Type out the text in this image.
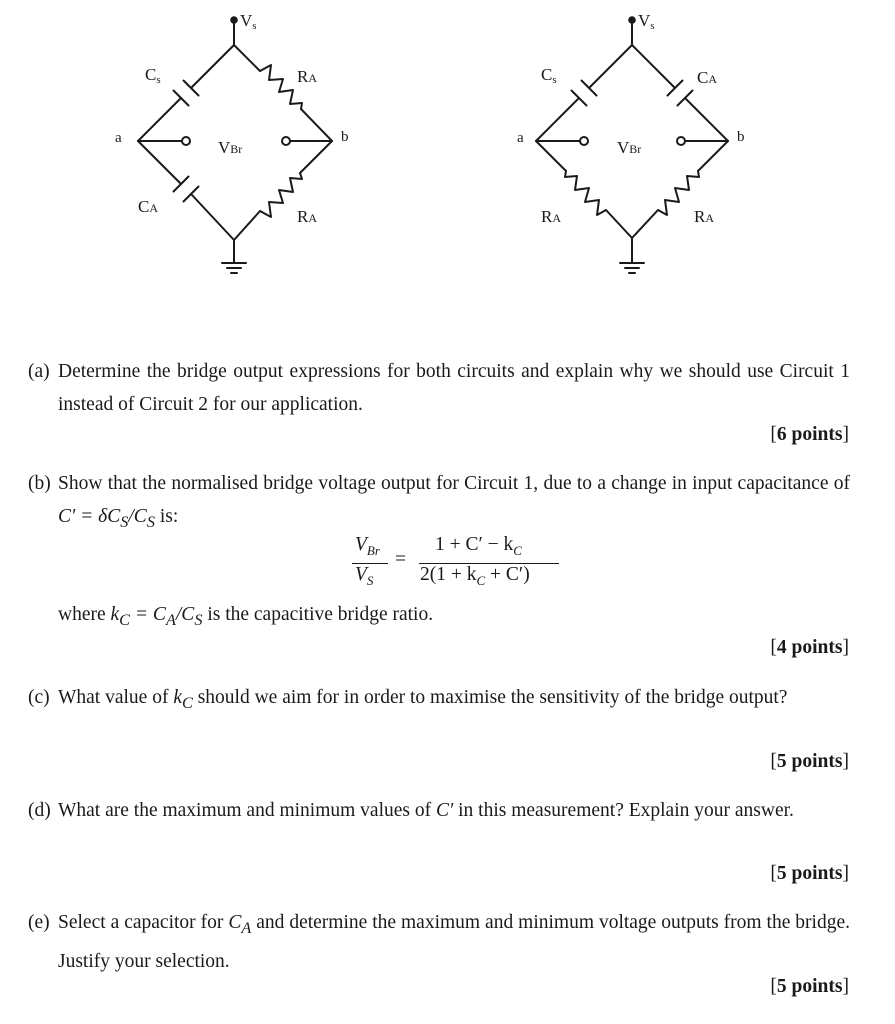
Vs
Cs	RA
a	b
VBr
CA	RA
Vs
Cs	CA
a	b
VBr
RA	RA
(a) Determine the bridge output expressions for both circuits and explain why we should use Circuit 1 instead of Circuit 2 for our application.
[6 points]
(b) Show that the normalised bridge voltage output for Circuit 1, due to a change in input capacitance of $C' = \delta C_S/C_S$ is:
$V_{Br}$
$V_S$
=
$1 + C' - k_C$
$2(1 + k_C + C')$
where $k_C = C_A/C_S$ is the capacitive bridge ratio.
[4 points]
(c) What value of $k_C$ should we aim for in order to maximise the sensitivity of the bridge output?
[5 points]
(d) What are the maximum and minimum values of C′ in this measurement? Explain your answer.
[5 points]
(e) Select a capacitor for $C_A$ and determine the maximum and minimum voltage outputs from the bridge. Justify your selection.
[5 points]
